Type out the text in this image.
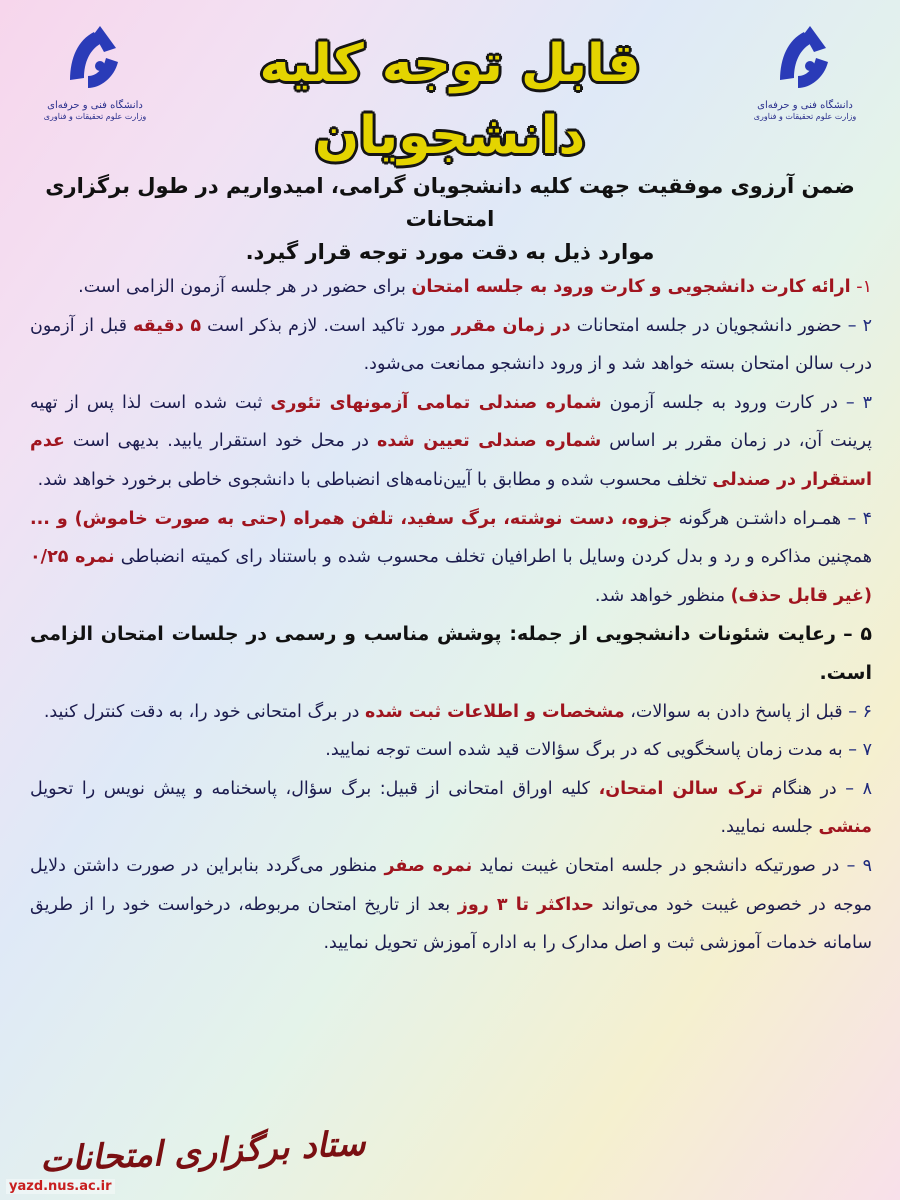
دانشگاه فنی و حرفه‌ای
وزارت علوم تحقیقات و فناوری
دانشگاه فنی و حرفه‌ای
وزارت علوم تحقیقات و فناوری
قابل توجه کلیه دانشجویان
ضمن آرزوی موفقیت جهت کلیه دانشجویان گرامی، امیدواریم در طول برگزاری امتحانات
موارد ذیل به دقت مورد توجه قرار گیرد.

۱- ارائه کارت دانشجویی و کارت ورود به جلسه امتحان برای حضور در هر جلسه آزمون الزامی است.

۲ – حضور دانشجویان در جلسه امتحانات در زمان مقرر مورد تاکید است. لازم بذکر است ۵ دقیقه قبل از آزمون درب سالن امتحان بسته خواهد شد و از ورود دانشجو ممانعت می‌شود.

۳ – در کارت ورود به جلسه آزمون شماره صندلی تمامی آزمونهای تئوری ثبت شده است لذا پس از تهیه پرینت آن، در زمان مقرر بر اساس شماره صندلی تعیین شده در محل خود استقرار یابید. بدیهی است عدم استقرار در صندلی تخلف محسوب شده و مطابق با آیین‌نامه‌های انضباطی با دانشجوی خاطی برخورد خواهد شد.

۴ – همـراه داشتـن هرگونه جزوه، دست نوشته، برگ سفید، تلفن همراه (حتی به صورت خاموش) و ... همچنین مذاکره و رد و بدل کردن وسایل با اطرافیان تخلف محسوب شده و باستناد رای کمیته انضباطی نمره ۰/۲۵ (غیر قابل حذف) منظور خواهد شد.

۵ – رعایت شئونات دانشجویی از جمله: پوشش مناسب و رسمی در جلسات امتحان الزامی است.

۶ – قبل از پاسخ دادن به سوالات، مشخصات و اطلاعات ثبت شده در برگ امتحانی خود را، به دقت کنترل کنید.

۷ – به مدت زمان پاسخگویی که در برگ سؤالات قید شده است توجه نمایید.

۸ – در هنگام ترک سالن امتحان، کلیه اوراق امتحانی از قبیل: برگ سؤال، پاسخنامه و پیش نویس را تحویل منشی جلسه نمایید.

۹ – در صورتیکه دانشجو در جلسه امتحان غیبت نماید نمره صفر منظور می‌گردد بنابراین در صورت داشتن دلایل موجه در خصوص غیبت خود می‌تواند حداکثر تا ۳ روز بعد از تاریخ امتحان مربوطه، درخواست خود را از طریق سامانه خدمات آموزشی ثبت و اصل مدارک را به اداره آموزش تحویل نمایید.

ستاد برگزاری امتحانات
yazd.nus.ac.ir
